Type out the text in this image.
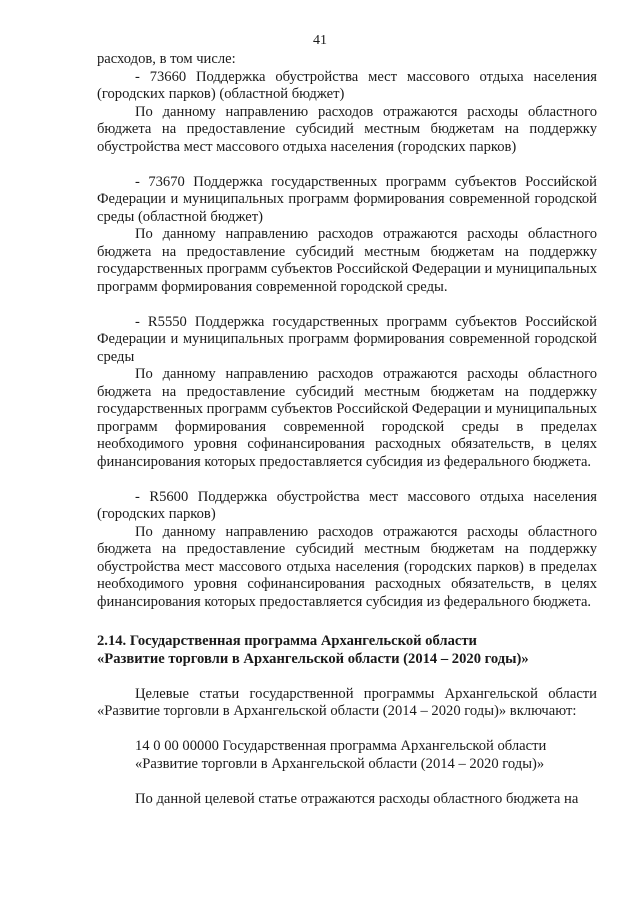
41

расходов, в том числе:

- 73660 Поддержка обустройства мест массового отдыха населения (городских парков) (областной бюджет)

По данному направлению расходов отражаются расходы областного бюджета на предоставление субсидий местным бюджетам на поддержку обустройства мест массового отдыха населения (городских парков)

- 73670 Поддержка государственных программ субъектов Российской Федерации и муниципальных программ формирования современной городской среды (областной бюджет)

По данному направлению расходов отражаются расходы областного бюджета на предоставление субсидий местным бюджетам на поддержку государственных программ субъектов Российской Федерации и муниципальных программ формирования современной городской среды.

- R5550 Поддержка государственных программ субъектов Российской Федерации и муниципальных программ формирования современной городской среды

По данному направлению расходов отражаются расходы областного бюджета на предоставление субсидий местным бюджетам на поддержку государственных программ субъектов Российской Федерации и муниципальных программ формирования современной городской среды в пределах необходимого уровня софинансирования расходных обязательств, в целях финансирования которых предоставляется субсидия из федерального бюджета.

- R5600 Поддержка обустройства мест массового отдыха населения (городских парков)

По данному направлению расходов отражаются расходы областного бюджета на предоставление субсидий местным бюджетам на поддержку обустройства мест массового отдыха населения (городских парков) в пределах необходимого уровня софинансирования расходных обязательств, в целях финансирования которых предоставляется субсидия из федерального бюджета.

2.14. Государственная программа Архангельской области

«Развитие торговли в Архангельской области (2014 – 2020 годы)»

Целевые статьи государственной программы Архангельской области «Развитие торговли в Архангельской области (2014 – 2020 годы)» включают:

14 0 00 00000 Государственная программа Архангельской области

«Развитие торговли в Архангельской области (2014 – 2020 годы)»

По данной целевой статье отражаются расходы областного бюджета на
